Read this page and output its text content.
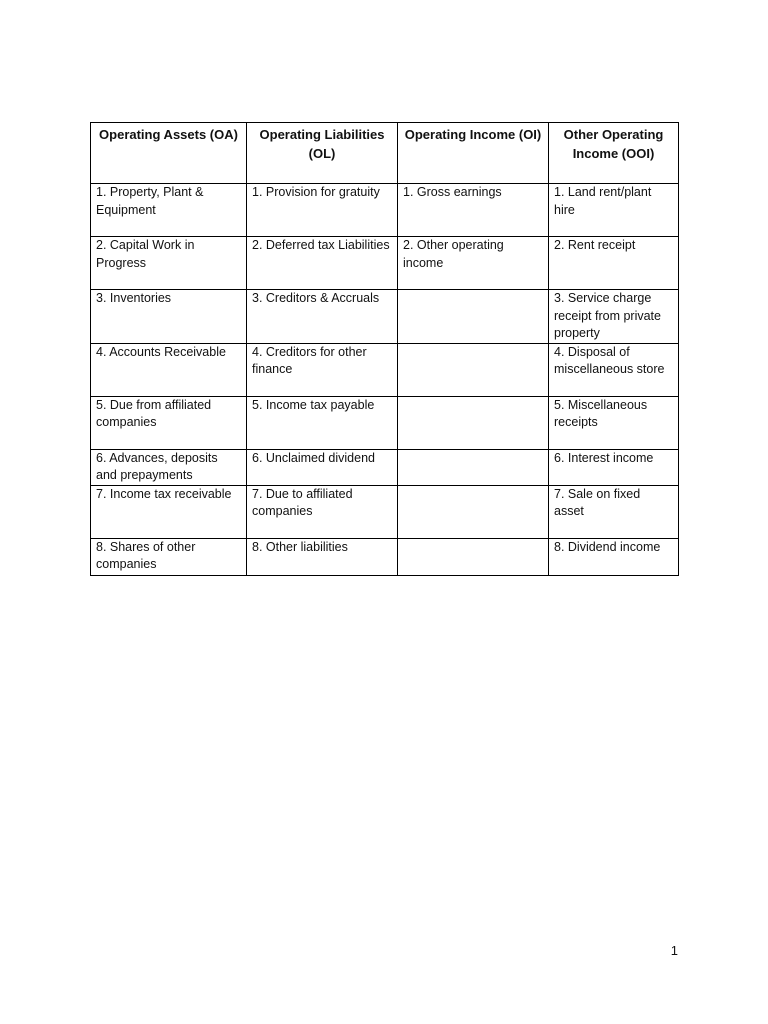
Operating Assets (OA)	Operating Liabilities (OL)	Operating Income (OI)	Other Operating Income (OOI)
1. Property, Plant & Equipment	1. Provision for gratuity	1. Gross earnings	1. Land rent/plant hire
2. Capital Work in Progress	2. Deferred tax Liabilities	2. Other operating income	2. Rent receipt
3. Inventories	3. Creditors & Accruals		3. Service charge receipt from private property
4. Accounts Receivable	4. Creditors for other finance		4. Disposal of miscellaneous store
5. Due from affiliated companies	5. Income tax payable		5. Miscellaneous receipts
6. Advances, deposits and prepayments	6. Unclaimed dividend		6. Interest income
7. Income tax receivable	7. Due to affiliated companies		7. Sale on fixed asset
8. Shares of other companies	8. Other liabilities		8. Dividend income
1
